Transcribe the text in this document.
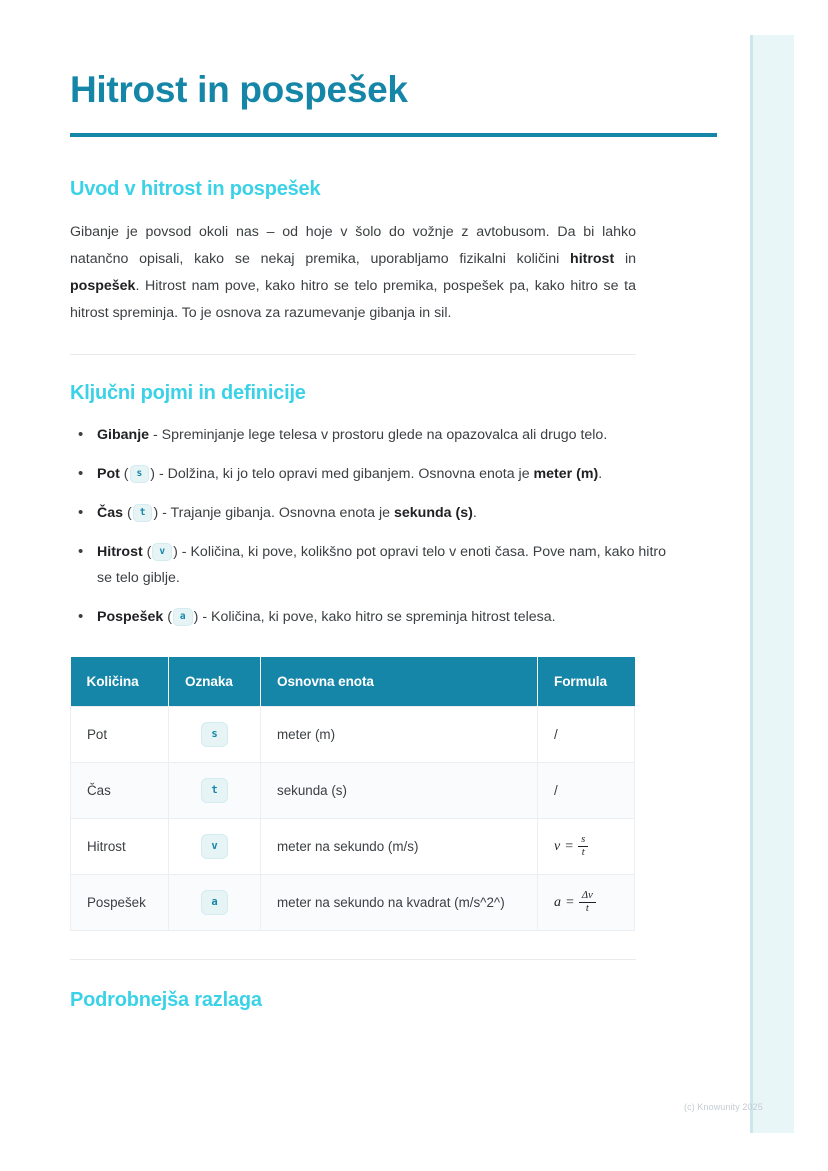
Hitrost in pospešek
Uvod v hitrost in pospešek

Gibanje je povsod okoli nas – od hoje v šolo do vožnje z avtobusom. Da bi lahko natančno opisali, kako se nekaj premika, uporabljamo fizikalni količini hitrost in pospešek. Hitrost nam pove, kako hitro se telo premika, pospešek pa, kako hitro se ta hitrost spreminja. To je osnova za razumevanje gibanja in sil.

Ključni pojmi in definicije
• Gibanje - Spreminjanje lege telesa v prostoru glede na opazovalca ali drugo telo.
• Pot ( s ) - Dolžina, ki jo telo opravi med gibanjem. Osnovna enota je meter (m).
• Čas ( t ) - Trajanje gibanja. Osnovna enota je sekunda (s).
• Hitrost ( v ) - Količina, ki pove, kolikšno pot opravi telo v enoti časa. Pove nam, kako hitro se telo giblje.
• Pospešek ( a ) - Količina, ki pove, kako hitro se spreminja hitrost telesa.
Količina	Oznaka	Osnovna enota	Formula
Pot	s	meter (m)	/
Čas	t	sekunda (s)	/
Hitrost	v	meter na sekundo (m/s)	$v = \frac{s}{t}$

Pospešek	a	meter na sekundo na kvadrat (m/s^2^)	$a = \frac{\Delta v}{t}$
Podrobnejša razlaga
(c) Knowunity 2025
